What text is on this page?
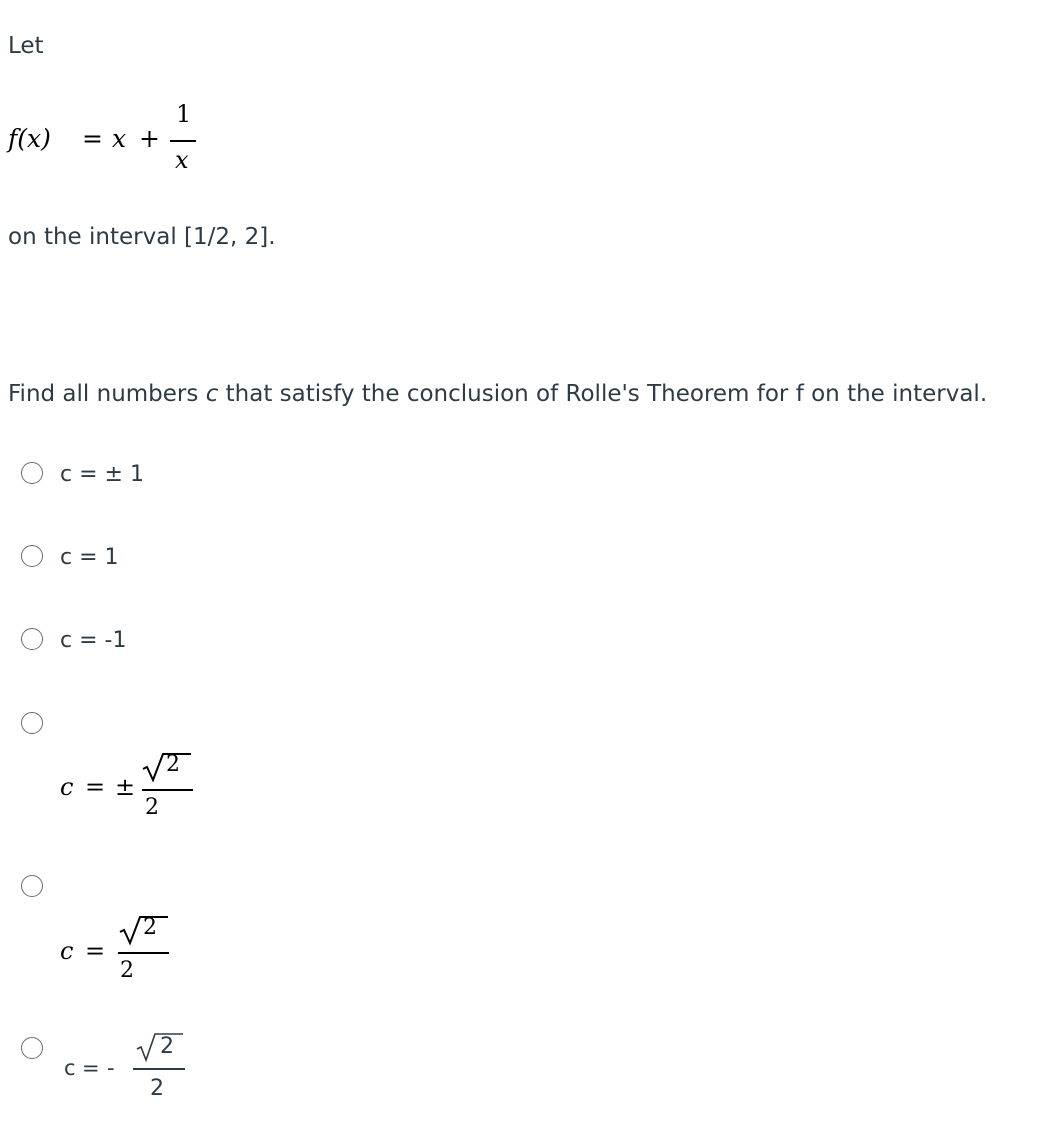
Let
f(x) = x +
1
x
on the interval [1/2, 2].
Find all numbers c that satisfy the conclusion of Rolle's Theorem for f on the interval.
c = ± 1
c = 1
c = -1
c = ±
2
2
c =
2
2
c = -
2
2
